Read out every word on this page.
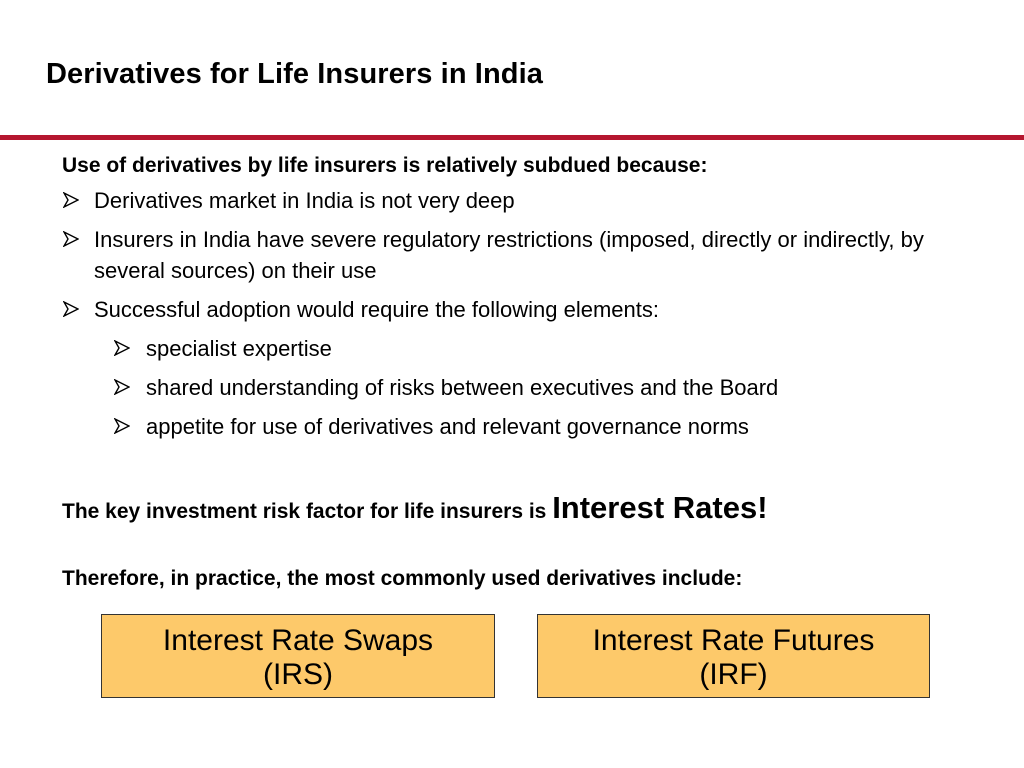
Derivatives for Life Insurers in India
Use of derivatives by life insurers is relatively subdued because:
Derivatives market in India is not very deep
Insurers in India have severe regulatory restrictions (imposed, directly or indirectly, by several sources) on their use
Successful adoption would require the following elements:
specialist expertise
shared understanding of risks between executives and the Board
appetite for use of derivatives and relevant governance norms
The key investment risk factor for life insurers is Interest Rates!
Therefore, in practice, the most commonly used derivatives include:
Interest Rate Swaps
(IRS)
Interest Rate Futures
(IRF)
